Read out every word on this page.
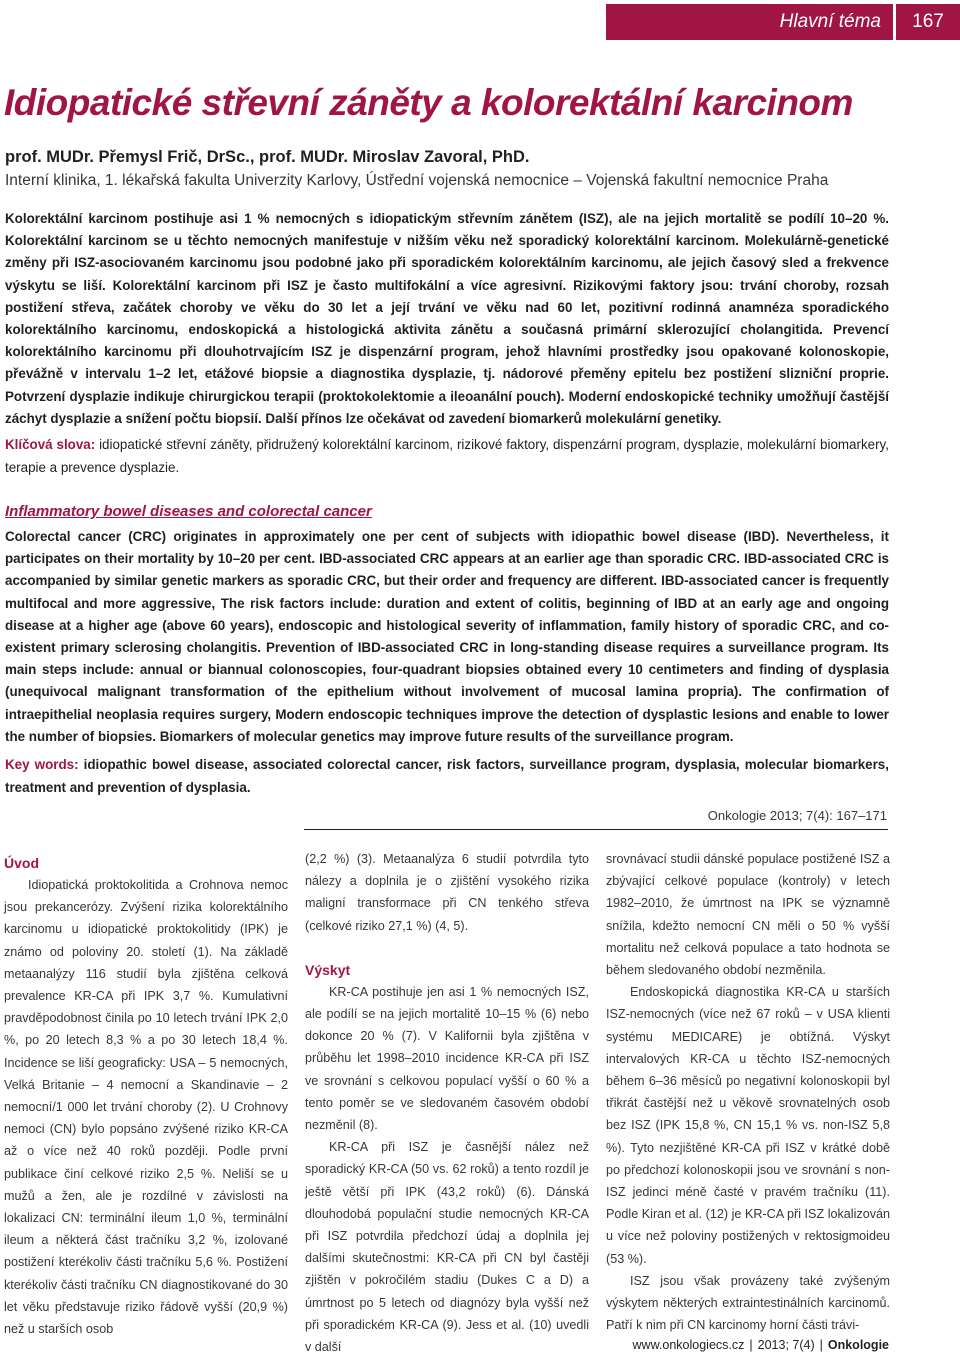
Hlavní téma	167
Idiopatické střevní záněty a kolorektální karcinom

prof. MUDr. Přemysl Frič, DrSc., prof. MUDr. Miroslav Zavoral, PhD.

Interní klinika, 1. lékařská fakulta Univerzity Karlovy, Ústřední vojenská nemocnice – Vojenská fakultní nemocnice Praha

Kolorektální karcinom postihuje asi 1 % nemocných s idiopatickým střevním zánětem (ISZ), ale na jejich mortalitě se podílí 10–20 %. Kolorektální karcinom se u těchto nemocných manifestuje v nižším věku než sporadický kolorektální karcinom. Molekulárně-genetické změny při ISZ-asociovaném karcinomu jsou podobné jako při sporadickém kolorektálním karcinomu, ale jejich časový sled a frekvence výskytu se liší. Kolorektální karcinom při ISZ je často multifokální a více agresivní. Rizikovými faktory jsou: trvání choroby, rozsah postižení střeva, začátek choroby ve věku do 30 let a její trvání ve věku nad 60 let, pozitivní rodinná anamnéza sporadického kolorektálního karcinomu, endoskopická a histologická aktivita zánětu a současná primární sklerozující cholangitida. Prevencí kolorektálního karcinomu při dlouhotrvajícím ISZ je dispenzární program, jehož hlavními prostředky jsou opakované kolonoskopie, převážně v intervalu 1–2 let, etážové biopsie a diagnostika dysplazie, tj. nádorové přeměny epitelu bez postižení slizniční proprie. Potvrzení dysplazie indikuje chirurgickou terapii (proktokolektomie a ileoanální pouch). Moderní endoskopické techniky umožňují častější záchyt dysplazie a snížení počtu biopsií. Další přínos lze očekávat od zavedení biomarkerů molekulární genetiky.

Klíčová slova: idiopatické střevní záněty, přidružený kolorektální karcinom, rizikové faktory, dispenzární program, dysplazie, molekulární biomarkery, terapie a prevence dysplazie.

Inflammatory bowel diseases and colorectal cancer

Colorectal cancer (CRC) originates in approximately one per cent of subjects with idiopathic bowel disease (IBD). Nevertheless, it participates on their mortality by 10–20 per cent. IBD-associated CRC appears at an earlier age than sporadic CRC. IBD-associated CRC is accompanied by similar genetic markers as sporadic CRC, but their order and frequency are different. IBD-associated cancer is frequently multifocal and more aggressive, The risk factors include: duration and extent of colitis, beginning of IBD at an early age and ongoing disease at a higher age (above 60 years), endoscopic and histological severity of inflammation, family history of sporadic CRC, and co-existent primary sclerosing cholangitis. Prevention of IBD-associated CRC in long-standing disease requires a surveillance program. Its main steps include: annual or biannual colonoscopies, four-quadrant biopsies obtained every 10 centimeters and finding of dysplasia (unequivocal malignant transformation of the epithelium without involvement of mucosal lamina propria). The confirmation of intraepithelial neoplasia requires surgery, Modern endoscopic techniques improve the detection of dysplastic lesions and enable to lower the number of biopsies. Biomarkers of molecular genetics may improve future results of the surveillance program.

Key words: idiopathic bowel disease, associated colorectal cancer, risk factors, surveillance program, dysplasia, molecular biomarkers, treatment and prevention of dysplasia.

Onkologie 2013; 7(4): 167–171
Úvod

Idiopatická proktokolitida a Crohnova nemoc jsou prekancerózy. Zvýšení rizika kolorektálního karcinomu u idiopatické proktokolitidy (IPK) je známo od poloviny 20. století (1). Na základě metaanalýzy 116 studií byla zjištěna celková prevalence KR-CA při IPK 3,7 %. Kumulativní pravděpodobnost činila po 10 letech trvání IPK 2,0 %, po 20 letech 8,3 % a po 30 letech 18,4 %. Incidence se liší geograficky: USA – 5 nemocných, Velká Britanie – 4 nemocní a Skandinavie – 2 nemocní/1 000 let trvání choroby (2). U Crohnovy nemoci (CN) bylo popsáno zvýšené riziko KR-CA až o více než 40 roků později. Podle první publikace činí celkové riziko 2,5 %. Neliší se u mužů a žen, ale je rozdílné v závislosti na lokalizaci CN: terminální ileum 1,0 %, terminální ileum a některá část tračníku 3,2 %, izolované postižení kterékoliv části tračníku 5,6 %. Postižení kterékoliv části tračníku CN diagnostikované do 30 let věku představuje riziko řádově vyšší (20,9 %) než u starších osob

(2,2 %) (3). Metaanalýza 6 studií potvrdila tyto nálezy a doplnila je o zjištění vysokého rizika maligní transformace při CN tenkého střeva (celkové riziko 27,1 %) (4, 5).

Výskyt

KR-CA postihuje jen asi 1 % nemocných ISZ, ale podílí se na jejich mortalitě 10–15 % (6) nebo dokonce 20 % (7). V Kalifornii byla zjištěna v průběhu let 1998–2010 incidence KR-CA při ISZ ve srovnání s celkovou populací vyšší o 60 % a tento poměr se ve sledovaném časovém období nezměnil (8).

KR-CA při ISZ je časnější nález než sporadický KR-CA (50 vs. 62 roků) a tento rozdíl je ještě větší při IPK (43,2 roků) (6). Dánská dlouhodobá populační studie nemocných KR-CA při ISZ potvrdila předchozí údaj a doplnila jej dalšími skutečnostmi: KR-CA při CN byl častěji zjištěn v pokročilém stadiu (Dukes C a D) a úmrtnost po 5 letech od diagnózy byla vyšší než při sporadickém KR-CA (9). Jess et al. (10) uvedli v další

srovnávací studii dánské populace postižené ISZ a zbývající celkové populace (kontroly) v letech 1982–2010, že úmrtnost na IPK se významně snížila, kdežto nemocní CN měli o 50 % vyšší mortalitu než celková populace a tato hodnota se během sledovaného období nezměnila.

Endoskopická diagnostika KR-CA u starších ISZ-nemocných (více než 67 roků – v USA klienti systému MEDICARE) je obtížná. Výskyt intervalových KR-CA u těchto ISZ-nemocných během 6–36 měsíců po negativní kolonoskopii byl třikrát častější než u věkově srovnatelných osob bez ISZ (IPK 15,8 %, CN 15,1 % vs. non-ISZ 5,8 %). Tyto nezjištěné KR-CA při ISZ v krátké době po předchozí kolonoskopii jsou ve srovnání s non-ISZ jedinci méně časté v pravém tračníku (11). Podle Kiran et al. (12) je KR-CA při ISZ lokalizován u více než poloviny postižených v rektosigmoideu (53 %).

ISZ jsou však provázeny také zvýšeným výskytem některých extraintestinálních karcinomů. Patří k nim při CN karcinomy horní části trávi-

www.onkologiecs.cz | 2013; 7(4) | Onkologie
